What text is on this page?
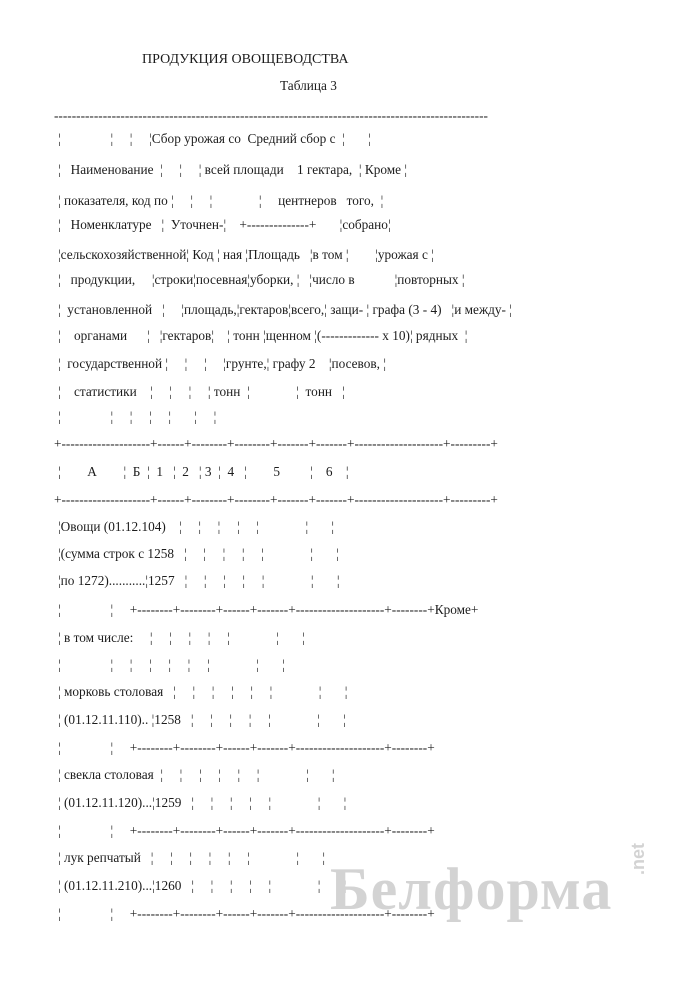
ПРОДУКЦИЯ ОВОЩЕВОДСТВА
Таблица 3
--------------------------------------------------------------------------------------------------
¦               ¦     ¦     ¦Сбор урожая со  Средний сбор с  ¦       ¦
¦   Наименование  ¦     ¦     ¦ всей площади    1 гектара,  ¦ Кроме ¦
¦ показателя, код по ¦     ¦     ¦              ¦     центнеров   того,  ¦
¦   Номенклатуре   ¦  Уточнен-¦    +--------------+       ¦собрано¦
¦сельскохозяйственной¦ Код ¦ ная ¦Площадь   ¦в том ¦        ¦урожая с ¦
¦   продукции,     ¦строки¦посевная¦уборки, ¦   ¦число в            ¦повторных ¦
¦  установленной   ¦     ¦площадь,¦гектаров¦всего,¦ защи- ¦ графа (3 - 4)   ¦и между- ¦
¦    органами      ¦   ¦гектаров¦    ¦ тонн ¦щенном ¦(------------- х 10)¦ рядных  ¦
¦  государственной ¦     ¦     ¦     ¦грунте,¦ графу 2    ¦посевов, ¦
¦    статистики    ¦     ¦     ¦     ¦ тонн  ¦              ¦  тонн   ¦
¦               ¦     ¦     ¦     ¦       ¦     ¦
+--------------------+------+--------+--------+-------+-------+--------------------+---------+
¦        А        ¦  Б  ¦  1   ¦  2   ¦ 3  ¦  4   ¦        5         ¦    6    ¦
+--------------------+------+--------+--------+-------+-------+--------------------+---------+
¦Овощи (01.12.104)    ¦     ¦     ¦     ¦     ¦              ¦       ¦
¦(сумма строк с 1258   ¦     ¦     ¦     ¦     ¦              ¦       ¦
¦по 1272)...........¦1257   ¦     ¦     ¦     ¦     ¦              ¦       ¦
¦               ¦     +--------+--------+------+-------+--------------------+--------+Кроме+
¦ в том числе:     ¦     ¦     ¦     ¦     ¦              ¦       ¦
¦               ¦     ¦     ¦     ¦     ¦     ¦              ¦       ¦
¦ морковь столовая   ¦     ¦     ¦     ¦     ¦     ¦              ¦       ¦
¦ (01.12.11.110).. ¦1258   ¦     ¦     ¦     ¦     ¦              ¦       ¦
¦               ¦     +--------+--------+------+-------+--------------------+--------+
¦ свекла столовая  ¦     ¦     ¦     ¦     ¦     ¦              ¦       ¦
¦ (01.12.11.120)...¦1259   ¦     ¦     ¦     ¦     ¦              ¦       ¦
¦               ¦     +--------+--------+------+-------+--------------------+--------+
¦ лук репчатый   ¦     ¦     ¦     ¦     ¦     ¦              ¦       ¦
¦ (01.12.11.210)...¦1260   ¦     ¦     ¦     ¦     ¦              ¦       ¦
¦               ¦     +--------+--------+------+-------+--------------------+--------+
Белформа .net
